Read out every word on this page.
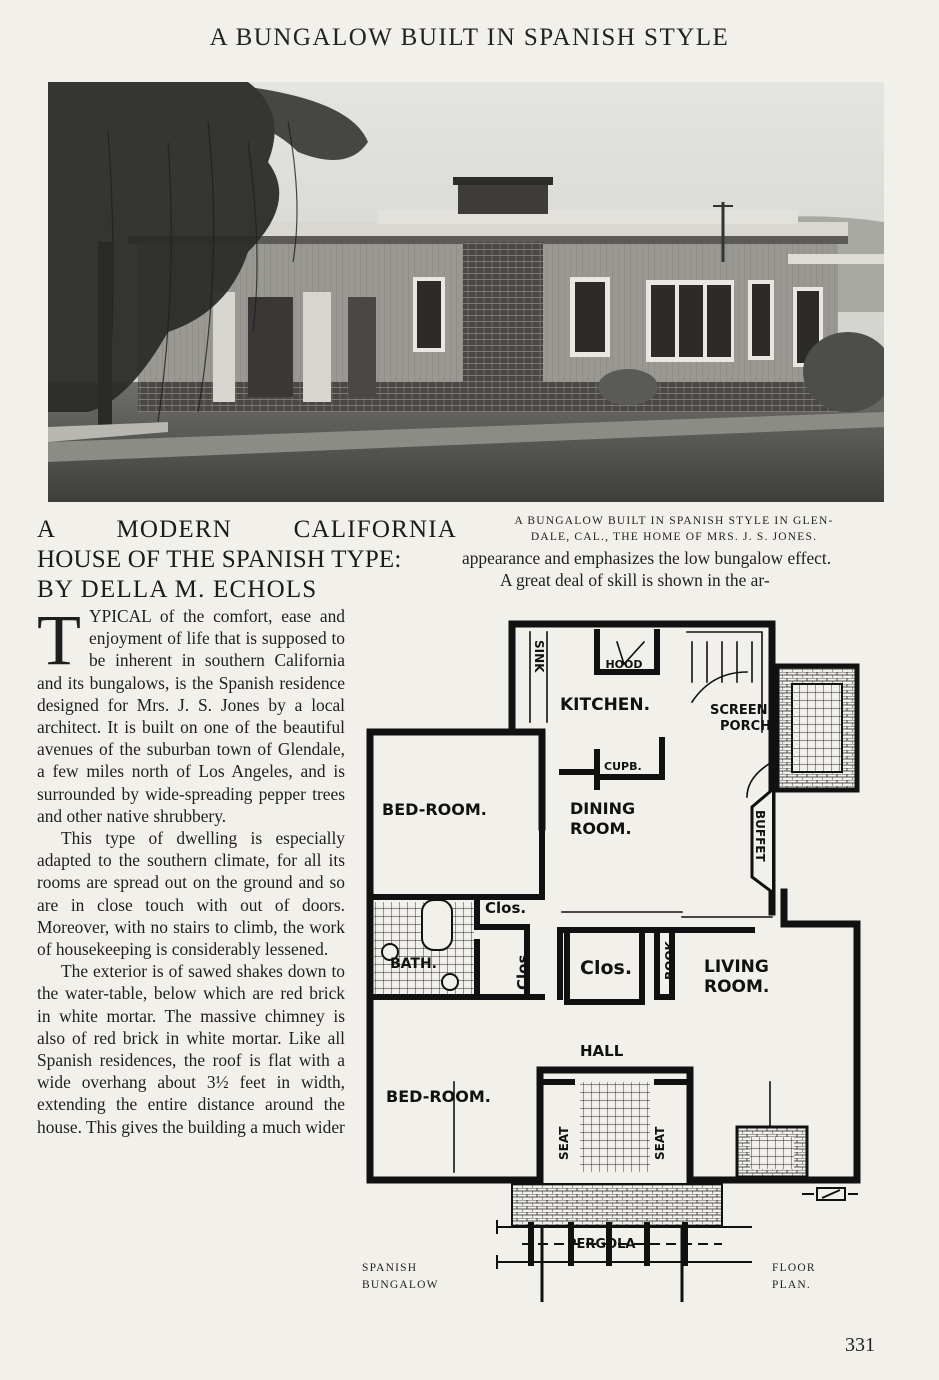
A BUNGALOW BUILT IN SPANISH STYLE
A BUNGALOW BUILT IN SPANISH STYLE IN GLEN-
DALE, CAL., THE HOME OF MRS. J. S. JONES.
A MODERN CALIFORNIA
HOUSE OF THE SPANISH TYPE:
BY DELLA M. ECHOLS

TYPICAL of the comfort, ease and enjoyment of life that is supposed to be inherent in southern California and its bungalows, is the Spanish residence designed for Mrs. J. S. Jones by a local architect. It is built on one of the beautiful avenues of the suburban town of Glendale, a few miles north of Los Angeles, and is surrounded by wide-spreading pepper trees and other native shrubbery.

This type of dwelling is especially adapted to the southern climate, for all its rooms are spread out on the ground and so are in close touch with out of doors. Moreover, with no stairs to climb, the work of housekeeping is considerably lessened.

The exterior is of sawed shakes down to the water-table, below which are red brick in white mortar. The massive chimney is also of red brick in white mortar. Like all Spanish residences, the roof is flat with a wide overhang about 3½ feet in width, extending the entire distance around the house. This gives the building a much wider

appearance and emphasizes the low bungalow effect.

A great deal of skill is shown in the ar-

HOOD
SINK
KITCHEN.	SCREEN
PORCH.
CUPB.
BED-ROOM.	DINING
ROOM.	BUFFET
Clos.
BATH.	Clos.	Clos.	BOOK LIVING
ROOM.
HALL
BED-ROOM.
SEAT	SEAT
PERGOLA
SPANISH
BUNGALOW
FLOOR
PLAN.
331
